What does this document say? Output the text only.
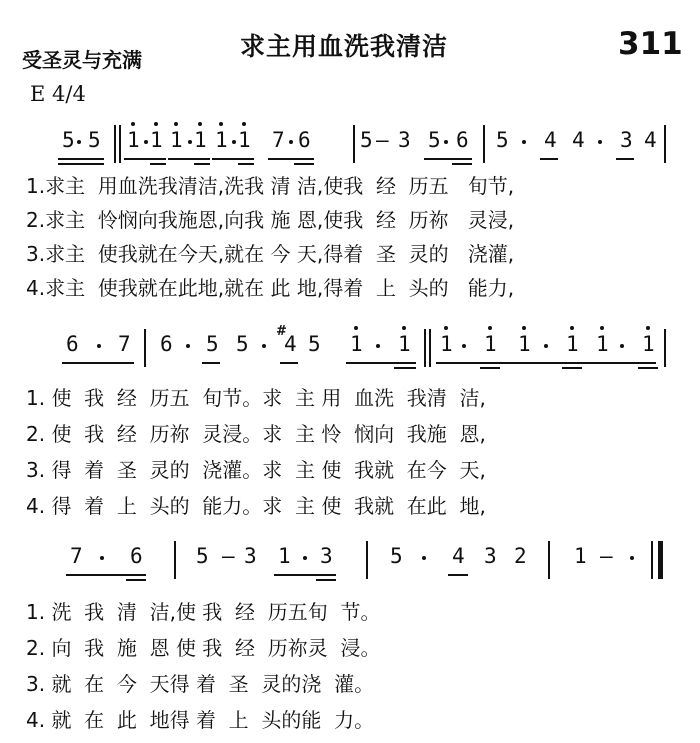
受圣灵与充满	求主用血洗我清洁	311
E 4/4
5 5 1 1 1 1 1 1 7 6 5 — 3 5 6 5 4 4 3 4
1.求主  用血洗我清洁,洗我 清 洁,使我  经  历五   旬节,
2.求主  怜悯向我施恩,向我 施 恩,使我  经  历祢   灵浸,
3.求主  使我就在今天,就在 今 天,得着  圣  灵的   浇灌,
4.求主  使我就在此地,就在 此 地,得着  上  头的   能力,
6 7 6 5 5
#
4 5 1 1 1 1 1 1 1 1
1. 使  我  经  历五  旬节。求  主 用  血洗  我清  洁,
2. 使  我  经  历祢  灵浸。求  主 怜  悯向  我施  恩,
3. 得  着  圣  灵的  浇灌。求  主 使  我就  在今  天,
4. 得  着  上  头的  能力。求  主 使  我就  在此  地,
7 6	5 — 3 1 3	5 4 3 2 1 —
1. 洗  我  清  洁,使 我  经  历五旬  节。
2. 向  我  施  恩 使 我  经  历祢灵  浸。
3. 就  在  今  天得 着  圣  灵的浇  灌。
4. 就  在  此  地得 着  上  头的能  力。
